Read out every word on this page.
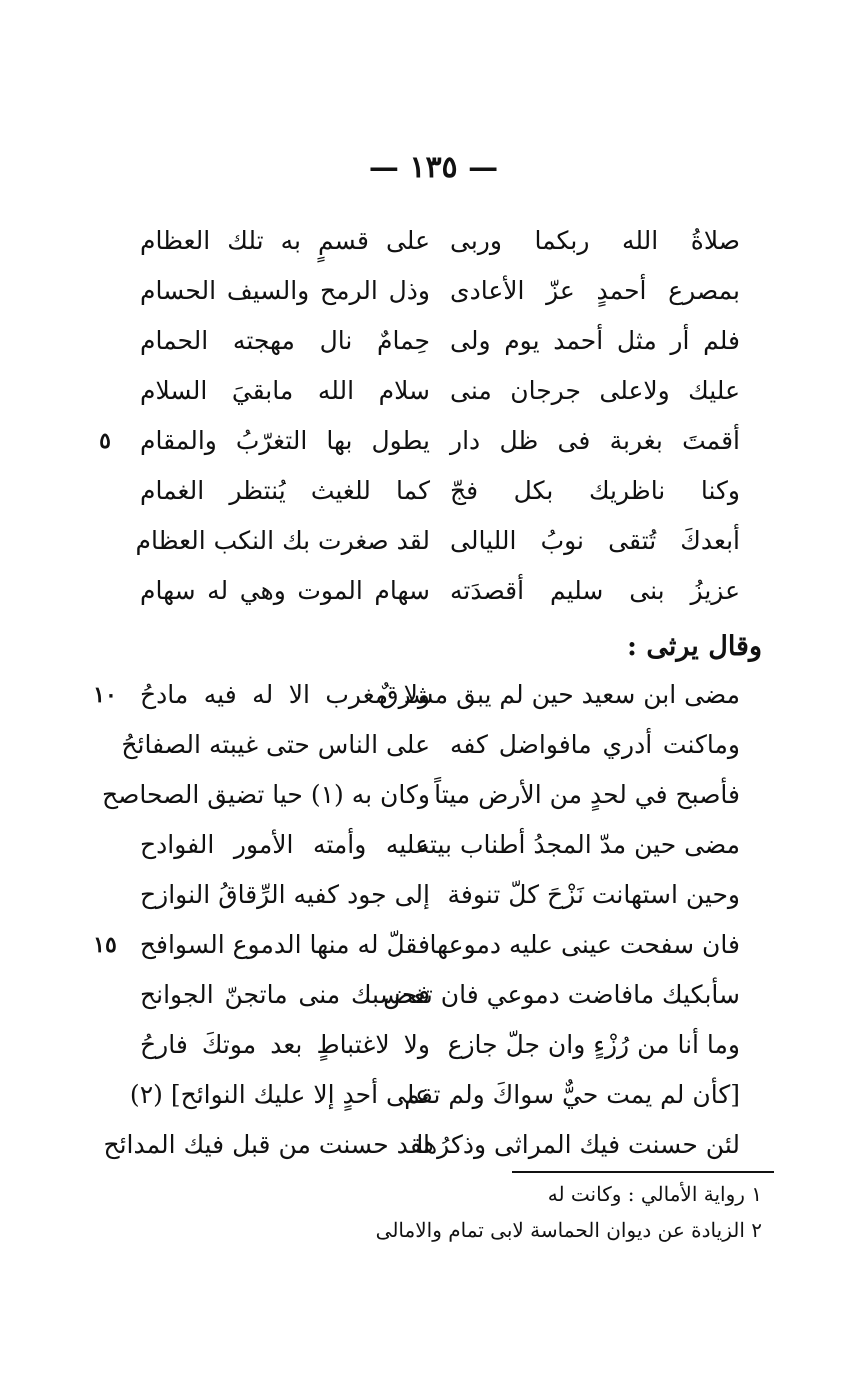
— ١٣٥ —
صلاةُ الله ربكما وربى
على قسمٍ به تلك العظام
بمصرع أحمدٍ عزّ الأعادى
وذل الرمح والسيف الحسام
فلم أر مثل أحمد يوم ولى
حِمامٌ نال مهجته الحمام
عليك ولاعلى جرجان منى
سلام الله مابقيَ السلام
أقمتَ بغربة فى ظل دار
يطول بها التغرّبُ والمقام
وكنا ناظريك بكل فجّ
كما للغيث يُنتظر الغمام
أبعدكَ تُتقى نوبُ الليالى
لقد صغرت بك النكب العظام
عزيزُ بنى سليم أقصدَته
سهام الموت وهي له سهام
٥
مضى ابن سعيد حين لم يبق مشرقٌ
ولا مغرب الا له فيه مادحُ
وماكنت أدري مافواضل كفه
على الناس حتى غيبته الصفائحُ
فأصبح في لحدٍ من الأرض ميتاً
وكان به (١) حيا تضيق الصحاصح
مضى حين مدّ المجدُ أطناب بيته
عليه وأمته الأمور الفوادح
وحين استهانت نَزْحَ كلّ تنوفة
إلى جود كفيه الرِّقاقُ النوازح
فان سفحت عينى عليه دموعها
فقلّ له منها الدموع السوافح
سأبكيك مافاضت دموعي فان تغض
فحسبك منى ماتجنّ الجوانح
وما أنا من رُزْءٍ وان جلّ جازع
ولا لاغتباطٍ بعد موتكَ فارحُ
[كأن لم يمت حيٌّ سواكَ ولم تقم
على أحدٍ إلا عليك النوائح] (٢)
لئن حسنت فيك المراثى وذكرُها
لقد حسنت من قبل فيك المدائح
١٠
١٥
وقال يرثى :
١ رواية الأمالي : وكانت له
٢ الزيادة عن ديوان الحماسة لابى تمام والامالى
